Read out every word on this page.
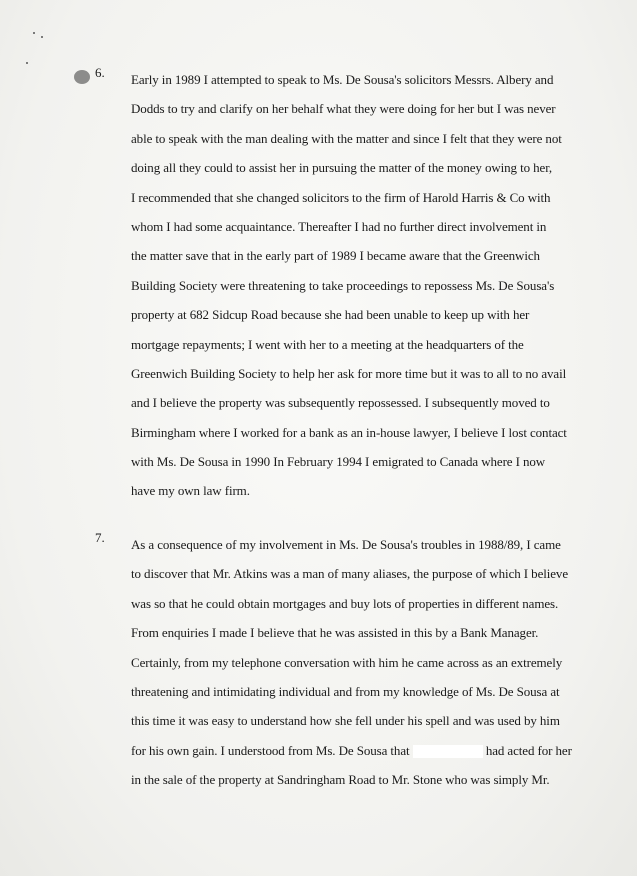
6. Early in 1989 I attempted to speak to Ms. De Sousa's solicitors Messrs. Albery and
Dodds to try and clarify on her behalf what they were doing for her but I was never
able to speak with the man dealing with the matter and since I felt that they were not
doing all they could to assist her in pursuing the matter of the money owing to her,
I recommended that she changed solicitors to the firm of Harold Harris & Co with
whom I had some acquaintance. Thereafter I had no further direct involvement in
the matter save that in the early part of 1989 I became aware that the Greenwich
Building Society were threatening to take proceedings to repossess Ms. De Sousa's
property at 682 Sidcup Road because she had been unable to keep up with her
mortgage repayments; I went with her to a meeting at the headquarters of the
Greenwich Building Society to help her ask for more time but it was to all to no avail
and I believe the property was subsequently repossessed. I subsequently moved to
Birmingham where I worked for a bank as an in-house lawyer, I believe I lost contact
with Ms. De Sousa in 1990 In February 1994 I emigrated to Canada where I now
have my own law firm.
7. As a consequence of my involvement in Ms. De Sousa's troubles in 1988/89, I came
to discover that Mr. Atkins was a man of many aliases, the purpose of which I believe
was so that he could obtain mortgages and buy lots of properties in different names.
From enquiries I made I believe that he was assisted in this by a Bank Manager.
Certainly, from my telephone conversation with him he came across as an extremely
threatening and intimidating individual and from my knowledge of Ms. De Sousa at
this time it was easy to understand how she fell under his spell and was used by him
for his own gain. I understood from Ms. De Sousa that	had acted for her
in the sale of the property at Sandringham Road to Mr. Stone who was simply Mr.
